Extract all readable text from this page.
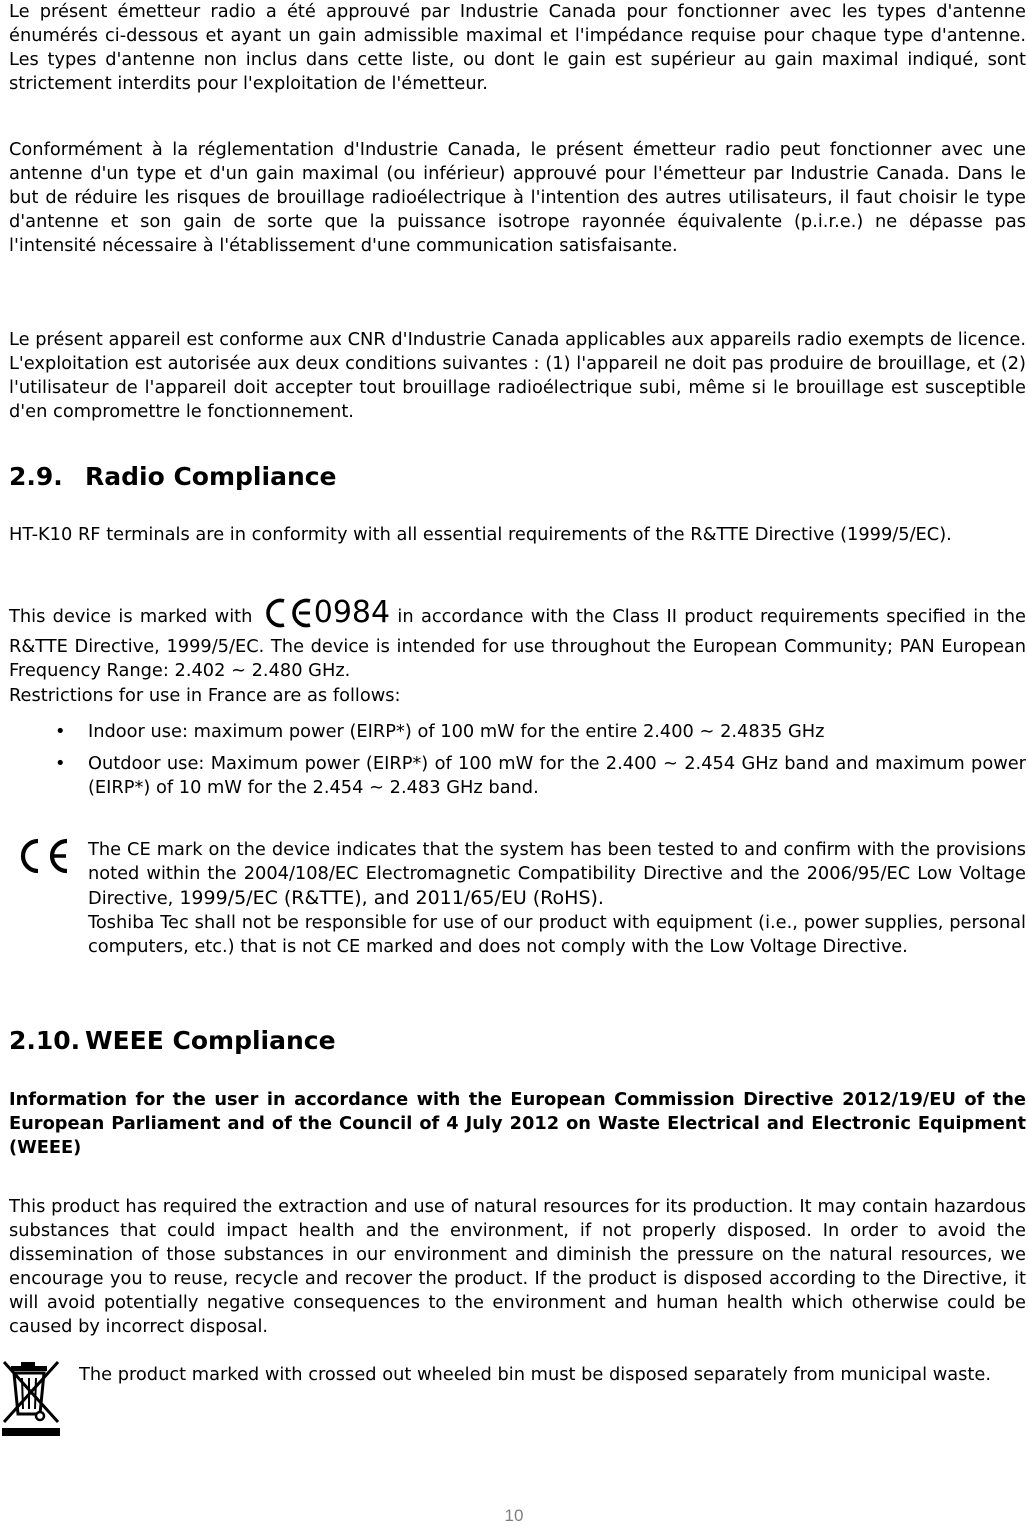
Le présent émetteur radio a été approuvé par Industrie Canada pour fonctionner avec les types d'antenne énumérés ci-dessous et ayant un gain admissible maximal et l'impédance requise pour chaque type d'antenne. Les types d'antenne non inclus dans cette liste, ou dont le gain est supérieur au gain maximal indiqué, sont strictement interdits pour l'exploitation de l'émetteur.

Conformément à la réglementation d'Industrie Canada, le présent émetteur radio peut fonctionner avec une antenne d'un type et d'un gain maximal (ou inférieur) approuvé pour l'émetteur par Industrie Canada. Dans le but de réduire les risques de brouillage radioélectrique à l'intention des autres utilisateurs, il faut choisir le type d'antenne et son gain de sorte que la puissance isotrope rayonnée équivalente (p.i.r.e.) ne dépasse pas l'intensité nécessaire à l'établissement d'une communication satisfaisante.

Le présent appareil est conforme aux CNR d'Industrie Canada applicables aux appareils radio exempts de licence. L'exploitation est autorisée aux deux conditions suivantes : (1) l'appareil ne doit pas produire de brouillage, et (2) l'utilisateur de l'appareil doit accepter tout brouillage radioélectrique subi, même si le brouillage est susceptible d'en compromettre le fonctionnement.

2.9. Radio Compliance

HT-K10 RF terminals are in conformity with all essential requirements of the R&TTE Directive (1999/5/EC).

This device is marked with 0984 in accordance with the Class II product requirements specified in the R&TTE Directive, 1999/5/EC. The device is intended for use throughout the European Community; PAN European Frequency Range: 2.402 ~ 2.480 GHz.

Restrictions for use in France are as follows:

• Indoor use: maximum power (EIRP*) of 100 mW for the entire 2.400 ~ 2.4835 GHz
• Outdoor use: Maximum power (EIRP*) of 100 mW for the 2.400 ~ 2.454 GHz band and maximum power (EIRP*) of 10 mW for the 2.454 ~ 2.483 GHz band.

The CE mark on the device indicates that the system has been tested to and confirm with the provisions noted within the 2004/108/EC Electromagnetic Compatibility Directive and the 2006/95/EC Low Voltage Directive, 1999/5/EC (R&TTE), and 2011/65/EU (RoHS).

Toshiba Tec shall not be responsible for use of our product with equipment (i.e., power supplies, personal computers, etc.) that is not CE marked and does not comply with the Low Voltage Directive.

2.10. WEEE Compliance

Information for the user in accordance with the European Commission Directive 2012/19/EU of the European Parliament and of the Council of 4 July 2012 on Waste Electrical and Electronic Equipment (WEEE)

This product has required the extraction and use of natural resources for its production. It may contain hazardous substances that could impact health and the environment, if not properly disposed. In order to avoid the dissemination of those substances in our environment and diminish the pressure on the natural resources, we encourage you to reuse, recycle and recover the product. If the product is disposed according to the Directive, it will avoid potentially negative consequences to the environment and human health which otherwise could be caused by incorrect disposal.

The product marked with crossed out wheeled bin must be disposed separately from municipal waste.

10
